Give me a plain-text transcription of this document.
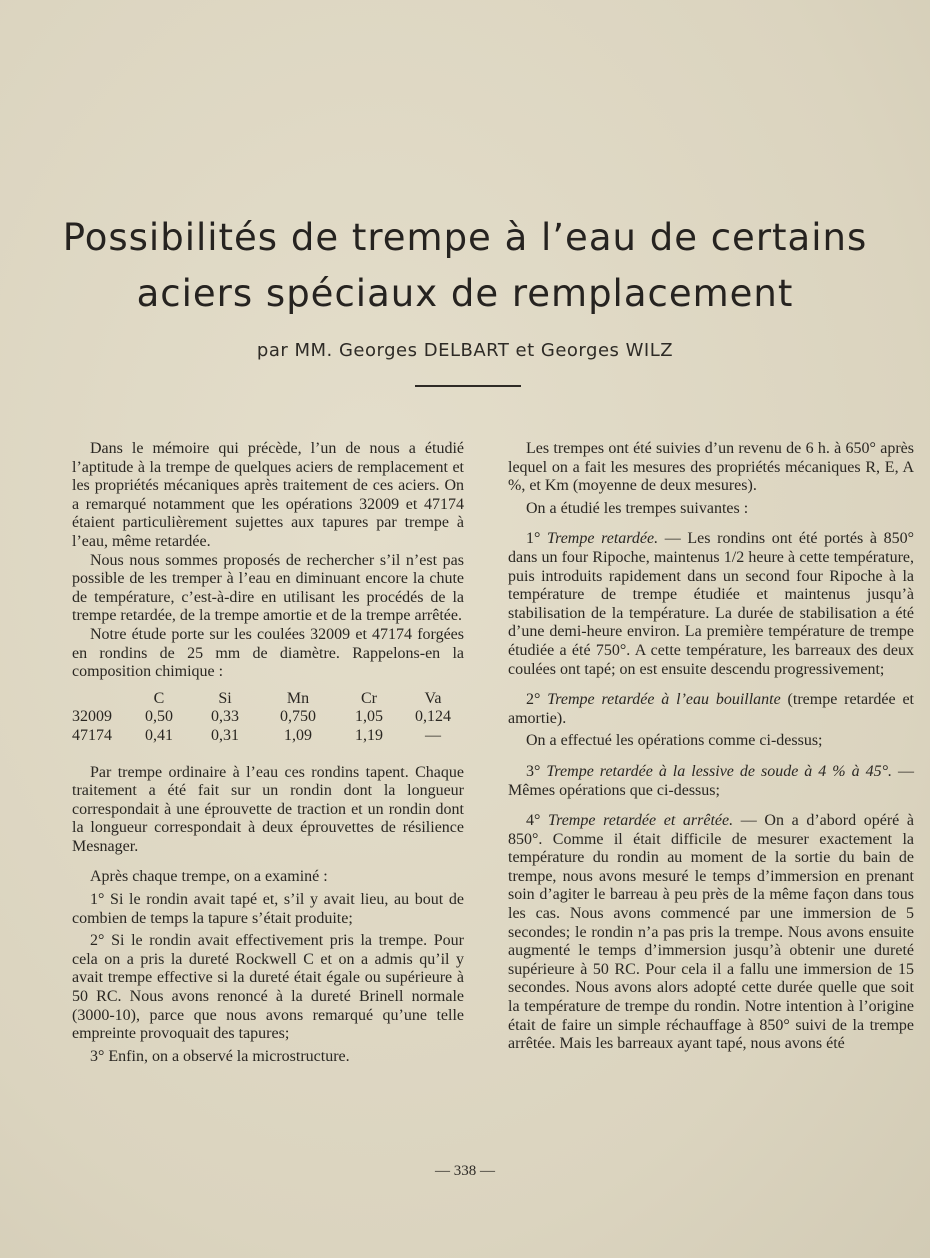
Possibilités de trempe à l’eau de certains
aciers spéciaux de remplacement
par MM. Georges DELBART et Georges WILZ

Dans le mémoire qui précède, l’un de nous a étudié l’aptitude à la trempe de quelques aciers de remplacement et les propriétés mécaniques après traitement de ces aciers. On a remarqué notamment que les opérations 32009 et 47174 étaient particulièrement sujettes aux tapures par trempe à l’eau, même retardée.

Nous nous sommes proposés de rechercher s’il n’est pas possible de les tremper à l’eau en diminuant encore la chute de température, c’est-à-dire en utilisant les procédés de la trempe retardée, de la trempe amortie et de la trempe arrêtée.

Notre étude porte sur les coulées 32009 et 47174 forgées en rondins de 25 mm de diamètre. Rappelons-en la composition chimique :

	C	Si	Mn	Cr	Va
32009	0,50	0,33	0,750	1,05	0,124
47174	0,41	0,31	1,09	1,19	—

Par trempe ordinaire à l’eau ces rondins tapent. Chaque traitement a été fait sur un rondin dont la longueur correspondait à une éprouvette de traction et un rondin dont la longueur correspondait à deux éprouvettes de résilience Mesnager.

Après chaque trempe, on a examiné :

1° Si le rondin avait tapé et, s’il y avait lieu, au bout de combien de temps la tapure s’était produite;

2° Si le rondin avait effectivement pris la trempe. Pour cela on a pris la dureté Rockwell C et on a admis qu’il y avait trempe effective si la dureté était égale ou supérieure à 50 RC. Nous avons renoncé à la dureté Brinell normale (3000-10), parce que nous avons remarqué qu’une telle empreinte provoquait des tapures;

3° Enfin, on a observé la microstructure.

Les trempes ont été suivies d’un revenu de 6 h. à 650° après lequel on a fait les mesures des propriétés mécaniques R, E, A %, et Km (moyenne de deux mesures).

On a étudié les trempes suivantes :

1° Trempe retardée. — Les rondins ont été portés à 850° dans un four Ripoche, maintenus 1/2 heure à cette température, puis introduits rapidement dans un second four Ripoche à la température de trempe étudiée et maintenus jusqu’à stabilisation de la température. La durée de stabilisation a été d’une demi-heure environ. La première température de trempe étudiée a été 750°. A cette température, les barreaux des deux coulées ont tapé; on est ensuite descendu progressivement;

2° Trempe retardée à l’eau bouillante (trempe retardée et amortie).

On a effectué les opérations comme ci-dessus;

3° Trempe retardée à la lessive de soude à 4 % à 45°. — Mêmes opérations que ci-dessus;

4° Trempe retardée et arrêtée. — On a d’abord opéré à 850°. Comme il était difficile de mesurer exactement la température du rondin au moment de la sortie du bain de trempe, nous avons mesuré le temps d’immersion en prenant soin d’agiter le barreau à peu près de la même façon dans tous les cas. Nous avons commencé par une immersion de 5 secondes; le rondin n’a pas pris la trempe. Nous avons ensuite augmenté le temps d’immersion jusqu’à obtenir une dureté supérieure à 50 RC. Pour cela il a fallu une immersion de 15 secondes. Nous avons alors adopté cette durée quelle que soit la température de trempe du rondin. Notre intention à l’origine était de faire un simple réchauffage à 850° suivi de la trempe arrêtée. Mais les barreaux ayant tapé, nous avons été

— 338 —
